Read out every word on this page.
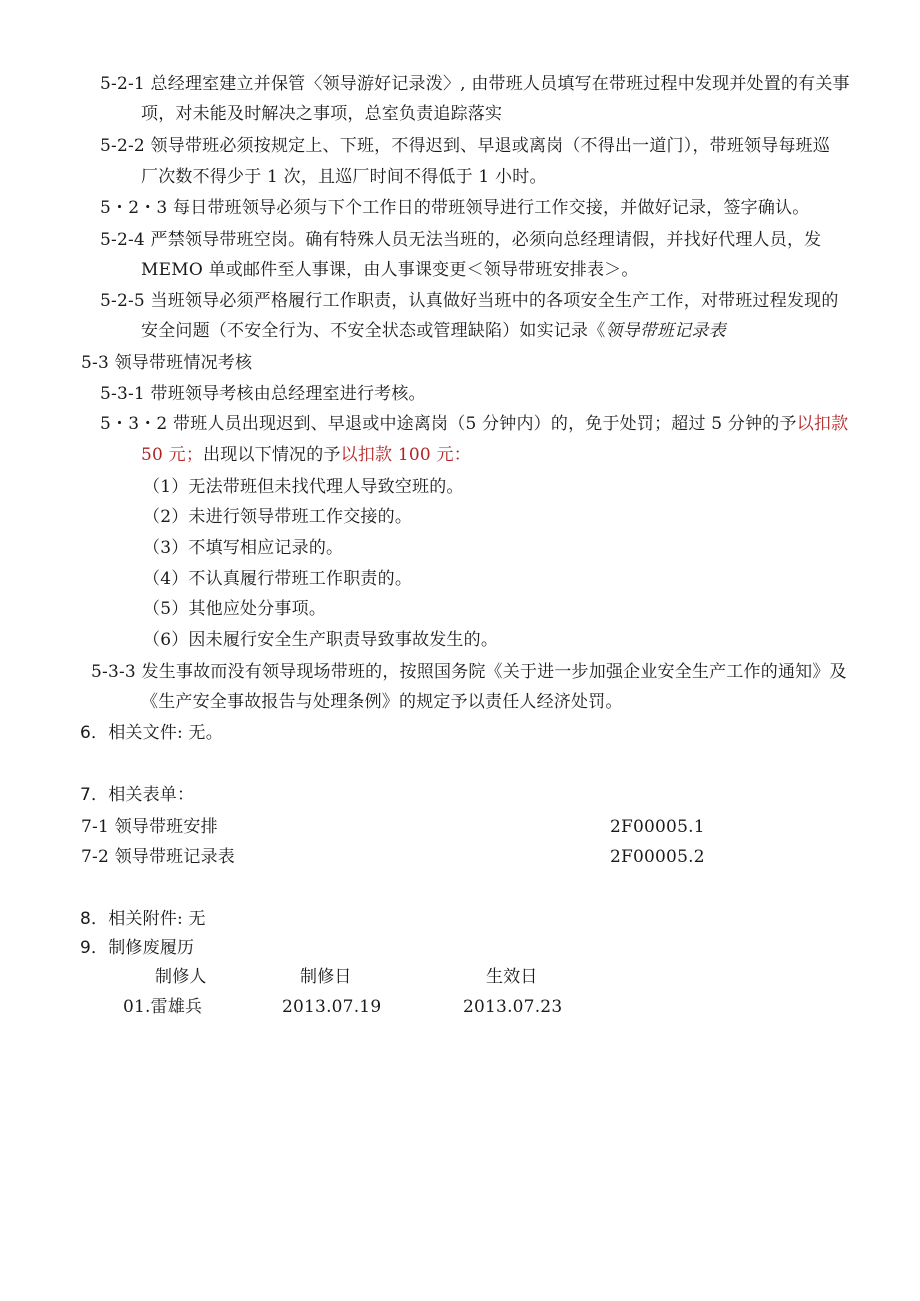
5-2-1 总经理室建立并保管〈领导游好记录泼〉, 由带班人员填写在带班过程中发现并处置的有关事
项，对未能及时解决之事项，总室负责追踪落实
5-2-2 领导带班必须按规定上、下班，不得迟到、早退或离岗（不得出一道门），带班领导每班巡
厂次数不得少于 1 次，且巡厂时间不得低于 1 小时。
5・2・3 每日带班领导必须与下个工作日的带班领导进行工作交接，并做好记录，签字确认。
5-2-4 严禁领导带班空岗。确有特殊人员无法当班的，必须向总经理请假，并找好代理人员，发
MEMO 单或邮件至人事课，由人事课变更＜领导带班安排表＞。
5-2-5 当班领导必须严格履行工作职责，认真做好当班中的各项安全生产工作，对带班过程发现的
安全问题（不安全行为、不安全状态或管理缺陷）如实记录《领导带班记录表
5-3 领导带班情况考核
5-3-1 带班领导考核由总经理室进行考核。
5・3・2 带班人员出现迟到、早退或中途离岗（5 分钟内）的，免于处罚；超过 5 分钟的予以扣款
50 元；出现以下情况的予以扣款 100 元：
（1）无法带班但未找代理人导致空班的。
（2）未进行领导带班工作交接的。
（3）不填写相应记录的。
（4）不认真履行带班工作职责的。
（5）其他应处分事项。
（6）因未履行安全生产职责导致事故发生的。
5-3-3 发生事故而没有领导现场带班的，按照国务院《关于进一步加强企业安全生产工作的通知》及
《生产安全事故报告与处理条例》的规定予以责任人经济处罚。
6．相关文件: 无。
7．相关表单：
7-1 领导带班安排	2F00005.1
7-2 领导带班记录表	2F00005.2
8．相关附件: 无
9．制修废履历
制修人	制修日	生效日
01.雷雄兵	2013.07.19	2013.07.23
